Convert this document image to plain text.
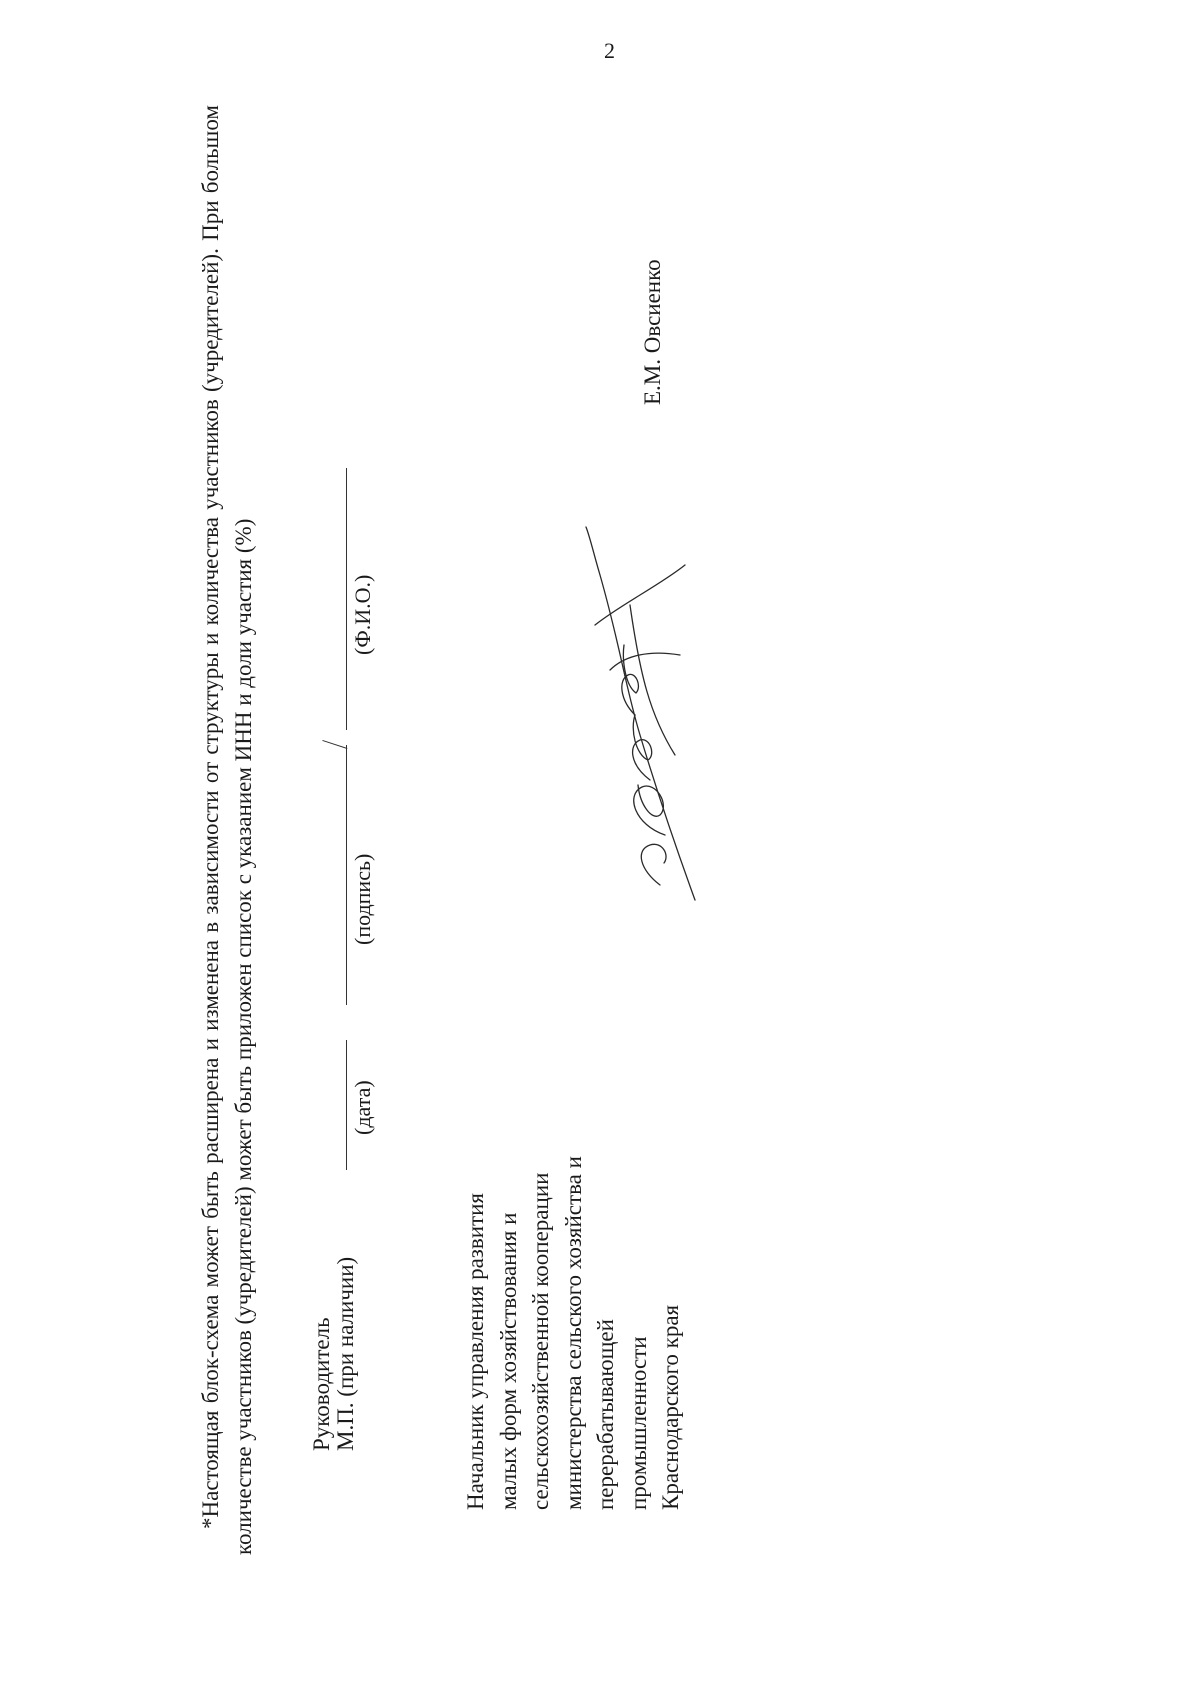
2

*Настоящая блок-схема может быть расширена и изменена в зависимости от структуры и количества участников (учредителей). При большом количестве участников (учредителей) может быть приложен список с указанием ИНН и доли участия (%) Руководитель М.П. (при наличии)
(дата)
(подпись)
(Ф.И.О.)
Начальник управления развития малых форм хозяйствования и сельскохозяйственной кооперации министерства сельского хозяйства и перерабатывающей промышленности Краснодарского края
Е.М. Овсиенко
